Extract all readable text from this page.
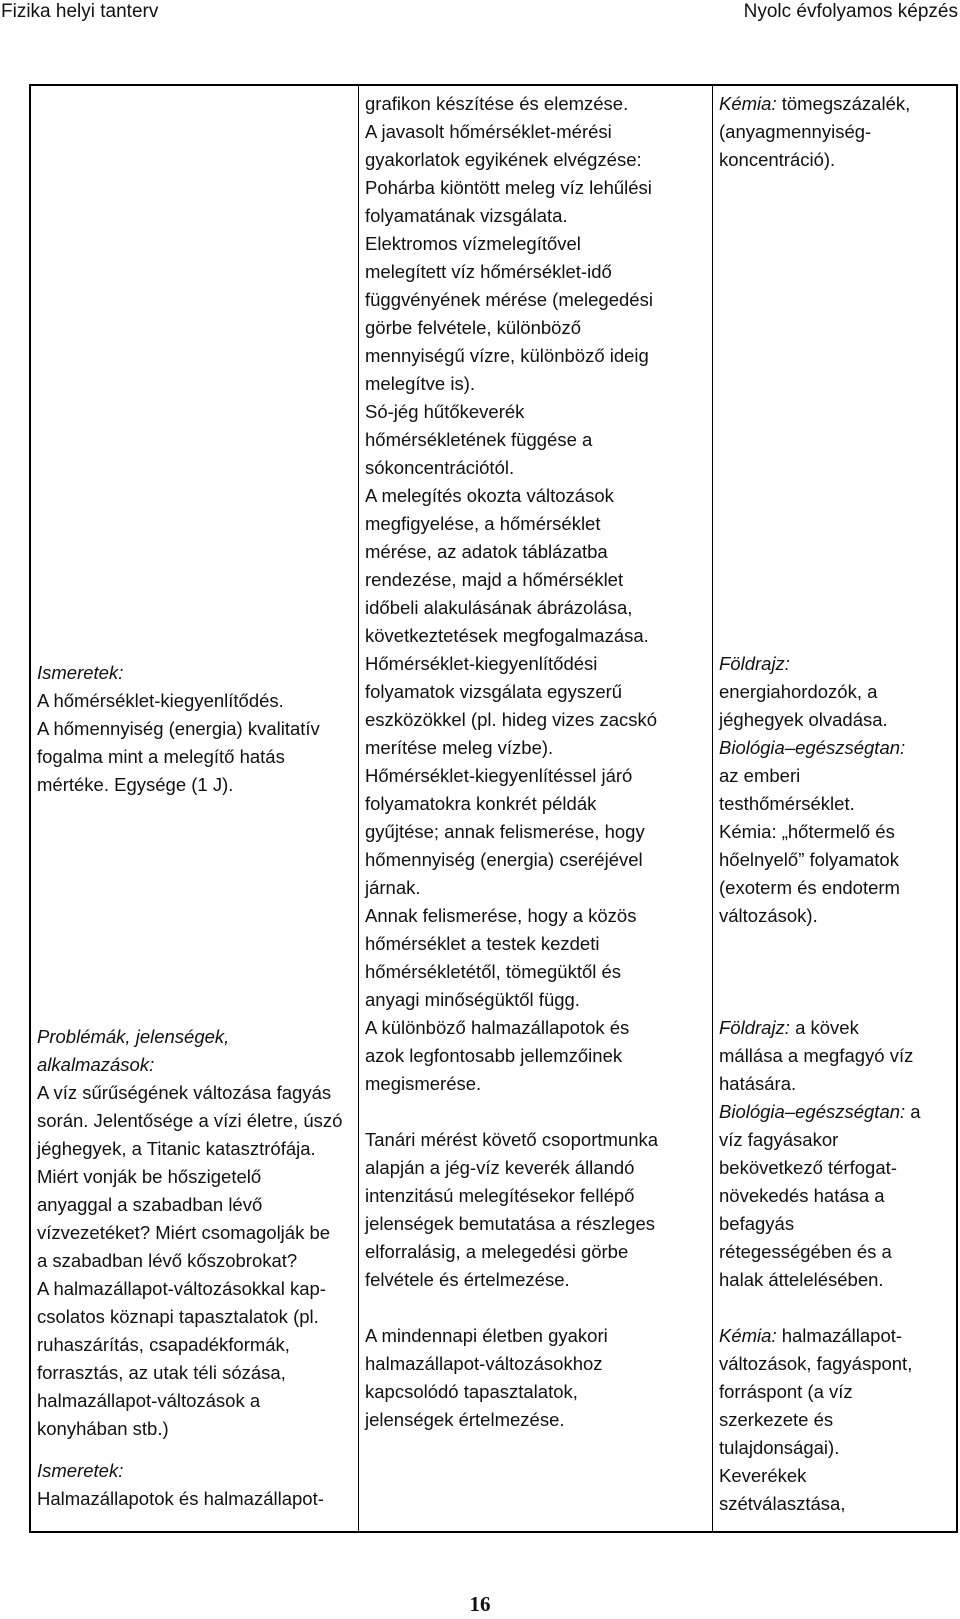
Fizika helyi tanterv	Nyolc évfolyamos képzés
Ismeretek:
A hőmérséklet-kiegyenlítődés.
A hőmennyiség (energia) kvalitatív
fogalma mint a melegítő hatás
mértéke. Egysége (1 J).
Problémák, jelenségek,
alkalmazások:
A víz sűrűségének változása fagyás
során. Jelentősége a vízi életre, úszó
jéghegyek, a Titanic katasztrófája.
Miért vonják be hőszigetelő
anyaggal a szabadban lévő
vízvezetéket? Miért csomagolják be
a szabadban lévő kőszobrokat?
A halmazállapot-változásokkal kap-
csolatos köznapi tapasztalatok (pl.
ruhaszárítás, csapadékformák,
forrasztás, az utak téli sózása,
halmazállapot-változások a
konyhában stb.)
Ismeretek:
Halmazállapotok és halmazállapot-
grafikon készítése és elemzése.
A javasolt hőmérséklet-mérési
gyakorlatok egyikének elvégzése:
Pohárba kiöntött meleg víz lehűlési
folyamatának vizsgálata.
Elektromos vízmelegítővel
melegített víz hőmérséklet-idő
függvényének mérése (melegedési
görbe felvétele, különböző
mennyiségű vízre, különböző ideig
melegítve is).
Só-jég hűtőkeverék
hőmérsékletének függése a
sókoncentrációtól.
A melegítés okozta változások
megfigyelése, a hőmérséklet
mérése, az adatok táblázatba
rendezése, majd a hőmérséklet
időbeli alakulásának ábrázolása,
következtetések megfogalmazása.
Hőmérséklet-kiegyenlítődési
folyamatok vizsgálata egyszerű
eszközökkel (pl. hideg vizes zacskó
merítése meleg vízbe).
Hőmérséklet-kiegyenlítéssel járó
folyamatokra konkrét példák
gyűjtése; annak felismerése, hogy
hőmennyiség (energia) cseréjével
járnak.
Annak felismerése, hogy a közös
hőmérséklet a testek kezdeti
hőmérsékletétől, tömegüktől és
anyagi minőségüktől függ.
A különböző halmazállapotok és
azok legfontosabb jellemzőinek
megismerése.
Tanári mérést követő csoportmunka
alapján a jég-víz keverék állandó
intenzitású melegítésekor fellépő
jelenségek bemutatása a részleges
elforralásig, a melegedési görbe
felvétele és értelmezése.
A mindennapi életben gyakori
halmazállapot-változásokhoz
kapcsolódó tapasztalatok,
jelenségek értelmezése.
Kémia: tömegszázalék,
(anyagmennyiség-
koncentráció).
Földrajz:
energiahordozók, a
jéghegyek olvadása.
Biológia–egészségtan:
az emberi
testhőmérséklet.
Kémia: „hőtermelő és
hőelnyelő” folyamatok
(exoterm és endoterm
változások).
Földrajz: a kövek
mállása a megfagyó víz
hatására.
Biológia–egészségtan: a
víz fagyásakor
bekövetkező térfogat-
növekedés hatása a
befagyás
rétegességében és a
halak áttelelésében.
Kémia: halmazállapot-
változások, fagyáspont,
forráspont (a víz
szerkezete és
tulajdonságai).
Keverékek
szétválasztása,
16
